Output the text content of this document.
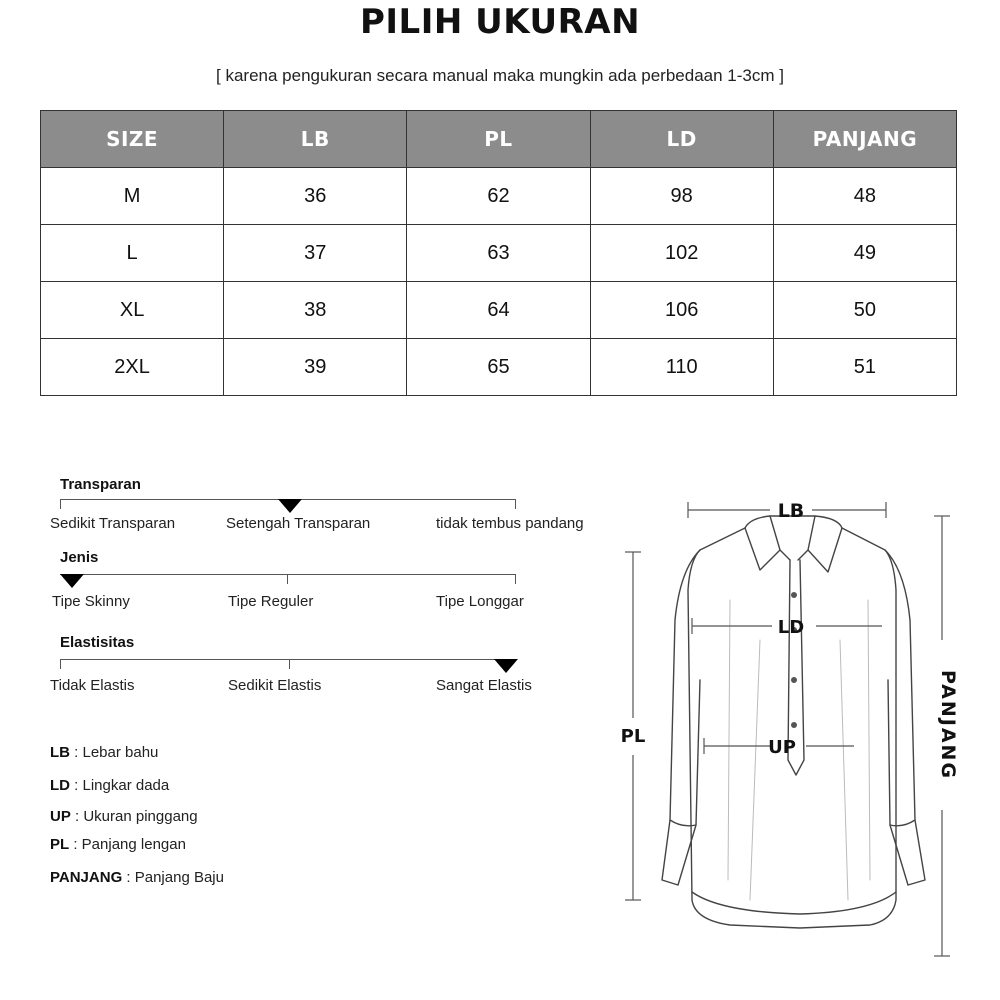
PILIH UKURAN
[ karena pengukuran secara manual maka mungkin ada perbedaan 1-3cm ]
SIZE	LB	PL	LD	PANJANG
M	36	62	98	48
L	37	63	102	49
XL	38	64	106	50
2XL	39	65	110	51
Transparan
Sedikit Transparan	Setengah Transparan	tidak tembus pandang
Jenis
Tipe Skinny	Tipe Reguler	Tipe Longgar
Elastisitas
Tidak Elastis	Sedikit Elastis	Sangat Elastis
LB : Lebar bahu
LD : Lingkar dada
UP : Ukuran pinggang
PL : Panjang lengan
PANJANG : Panjang Baju
LB
LD
UP
PL	PANJANG
